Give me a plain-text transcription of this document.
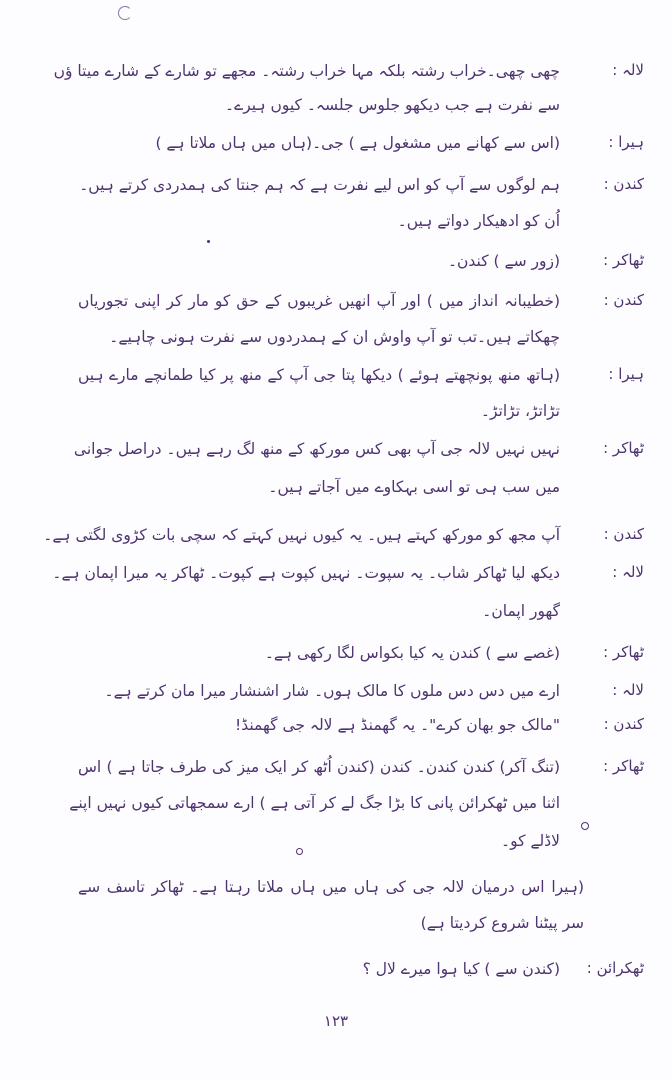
لالہ :
چھی چھی۔خراب رشتہ بلکہ مہا خراب رشتہ۔ مجھے تو شارے کے شارے میتا ؤں
سے نفرت ہے جب دیکھو جلوس جلسہ۔ کیوں ہیرے۔
ہیرا :
(اس سے کھانے میں مشغول ہے ) جی۔(ہاں میں ہاں ملاتا ہے )
کندن :
ہم لوگوں سے آپ کو اس لیے نفرت ہے کہ ہم جنتا کی ہمدردی کرتے ہیں۔
اُن کو ادھیکار دواتے ہیں۔
ٹھاکر :
(زور سے ) کندن۔
کندن :
(خطیبانہ انداز میں ) اور آپ انھیں غریبوں کے حق کو مار کر اپنی تجوریاں
چھکاتے ہیں۔تب تو آپ واوش ان کے ہمدردوں سے نفرت ہونی چاہیے۔
ہیرا :
(ہاتھ منھ پونچھتے ہوئے ) دیکھا پتا جی آپ کے منھ پر کیا طمانچے مارے ہیں
تڑاتڑ، تڑاتڑ۔
ٹھاکر :
نہیں نہیں لالہ جی آپ بھی کس مورکھ کے منھ لگ رہے ہیں۔ دراصل جوانی
میں سب ہی تو اسی بہکاوے میں آجاتے ہیں۔
کندن :
آپ مجھ کو مورکھ کہتے ہیں۔ یہ کیوں نہیں کہتے کہ سچی بات کڑوی لگتی ہے۔
لالہ :
دیکھ لیا ٹھاکر شاب۔ یہ سپوت۔ نہیں کپوت ہے کپوت۔ ٹھاکر یہ میرا اپمان ہے۔
گھور اپمان۔
ٹھاکر :
(غصے سے ) کندن یہ کیا بکواس لگا رکھی ہے۔
لالہ :
ارے میں دس دس ملوں کا مالک ہوں۔ شار اشنشار میرا مان کرتے ہے۔
کندن :
"مالک جو بھان کرے"۔ یہ گھمنڈ ہے لالہ جی گھمنڈ!
ٹھاکر :
(تنگ آکر) کندن کندن۔ کندن (کندن اُٹھ کر ایک میز کی طرف جاتا ہے ) اس
اثنا میں ٹھکرائن پانی کا بڑا جگ لے کر آتی ہے ) ارے سمجھاتی کیوں نہیں اپنے
لاڈلے کو۔
(ہیرا اس درمیان لالہ جی کی ہاں میں ہاں ملاتا رہتا ہے۔ ٹھاکر تاسف سے
سر پیٹنا شروع کردیتا ہے)
ٹھکرائن :
(کندن سے ) کیا ہوا میرے لال ؟
۱۲۳
